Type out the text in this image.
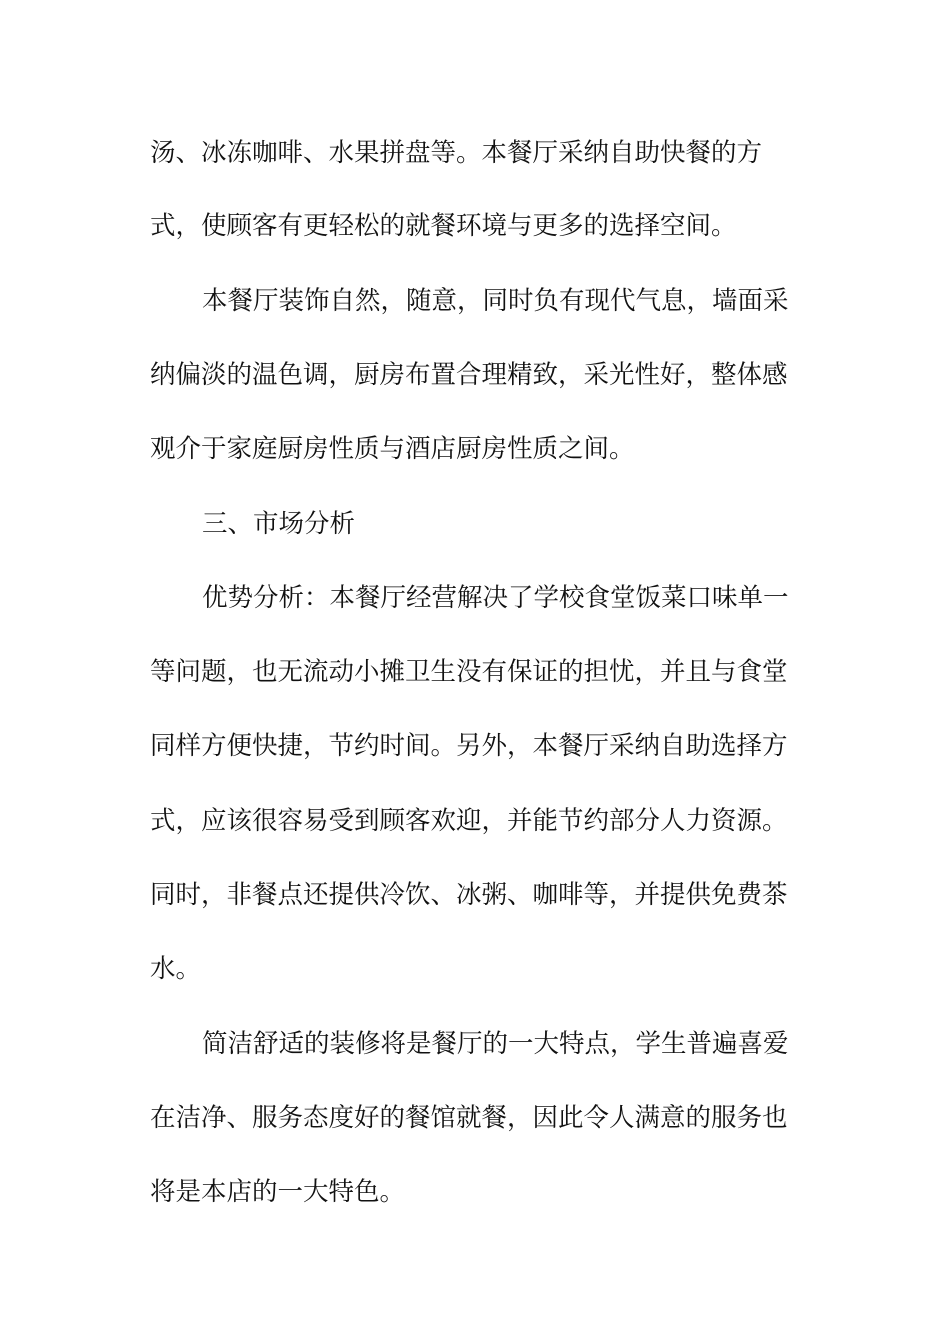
汤、冰冻咖啡、水果拼盘等。本餐厅采纳自助快餐的方
式，使顾客有更轻松的就餐环境与更多的选择空间。
本餐厅装饰自然，随意，同时负有现代气息，墙面采
纳偏淡的温色调，厨房布置合理精致，采光性好，整体感
观介于家庭厨房性质与酒店厨房性质之间。
三、市场分析
优势分析：本餐厅经营解决了学校食堂饭菜口味单一
等问题，也无流动小摊卫生没有保证的担忧，并且与食堂
同样方便快捷，节约时间。另外，本餐厅采纳自助选择方
式，应该很容易受到顾客欢迎，并能节约部分人力资源。
同时，非餐点还提供冷饮、冰粥、咖啡等，并提供免费茶
水。
简洁舒适的装修将是餐厅的一大特点，学生普遍喜爱
在洁净、服务态度好的餐馆就餐，因此令人满意的服务也
将是本店的一大特色。
